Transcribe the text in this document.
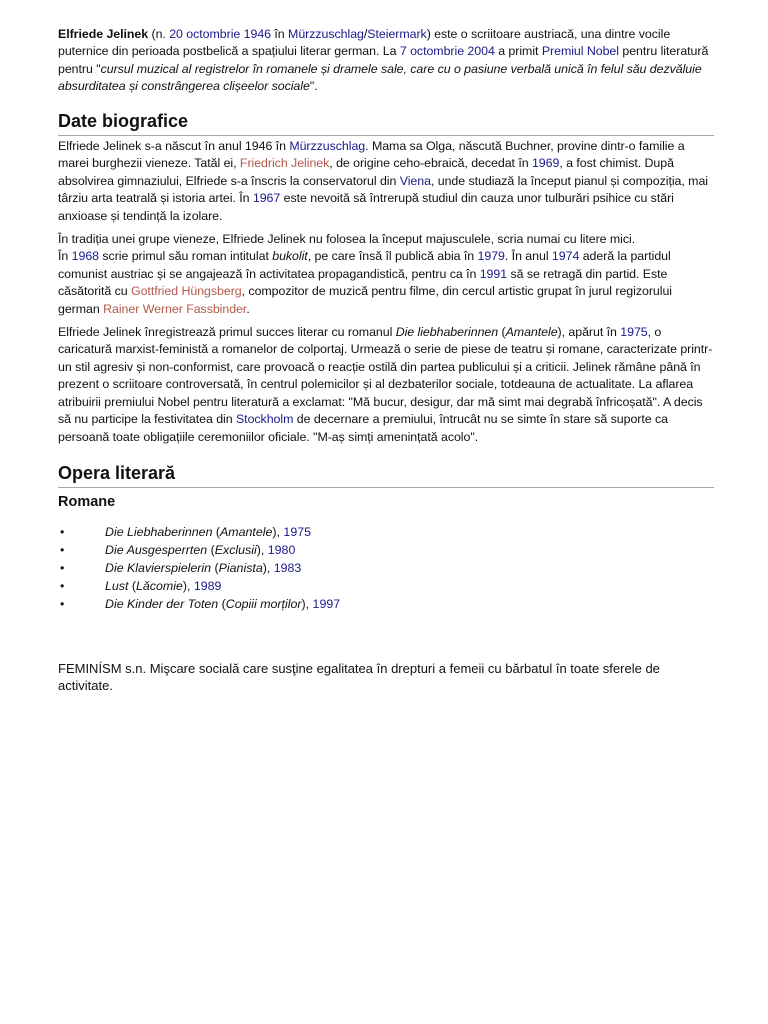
Elfriede Jelinek (n. 20 octombrie 1946 în Mürzzuschlag/Steiermark) este o scriitoare austriacă, una dintre vocile puternice din perioada postbelică a spațiului literar german. La 7 octombrie 2004 a primit Premiul Nobel pentru literatură pentru "cursul muzical al registrelor în romanele și dramele sale, care cu o pasiune verbală unică în felul său dezvăluie absurditatea și constrângerea clișeelor sociale".

Date biografice

Elfriede Jelinek s-a născut în anul 1946 în Mürzzuschlag. Mama sa Olga, născută Buchner, provine dintr-o familie a marei burghezii vieneze. Tatăl ei, Friedrich Jelinek, de origine ceho-ebraică, decedat în 1969, a fost chimist. După absolvirea gimnaziului, Elfriede s-a înscris la conservatorul din Viena, unde studiază la început pianul și compoziția, mai târziu arta teatrală și istoria artei. În 1967 este nevoită să întrerupă studiul din cauza unor tulburări psihice cu stări anxioase și tendință la izolare.

În tradiția unei grupe vieneze, Elfriede Jelinek nu folosea la început majusculele, scria numai cu litere mici.
În 1968 scrie primul său roman intitulat bukolit, pe care însă îl publică abia în 1979. În anul 1974 aderă la partidul comunist austriac și se angajează în activitatea propagandistică, pentru ca în 1991 să se retragă din partid. Este căsătorită cu Gottfried Hüngsberg, compozitor de muzică pentru filme, din cercul artistic grupat în jurul regizorului german Rainer Werner Fassbinder.

Elfriede Jelinek înregistrează primul succes literar cu romanul Die liebhaberinnen (Amantele), apărut în 1975, o caricatură marxist-feministă a romanelor de colportaj. Urmează o serie de piese de teatru și romane, caracterizate printr-un stil agresiv și non-conformist, care provoacă o reacție ostilă din partea publicului și a criticii. Jelinek rămâne până în prezent o scriitoare controversată, în centrul polemicilor și al dezbaterilor sociale, totdeauna de actualitate. La aflarea atribuirii premiului Nobel pentru literatură a exclamat: "Mă bucur, desigur, dar mă simt mai degrabă înfricoșată". A decis să nu participe la festivitatea din Stockholm de decernare a premiului, întrucât nu se simte în stare să suporte ca persoană toate obligațiile ceremoniilor oficiale. "M-aș simți amenințată acolo".

Opera literară
Romane
•	Die Liebhaberinnen (Amantele), 1975
•	Die Ausgesperrten (Exclusii), 1980
•	Die Klavierspielerin (Pianista), 1983
•	Lust (Lăcomie), 1989
•	Die Kinder der Toten (Copiii morților), 1997

FEMINÍSM s.n. Mişcare socială care susţine egalitatea în drepturi a femeii cu bărbatul în toate sferele de activitate.
